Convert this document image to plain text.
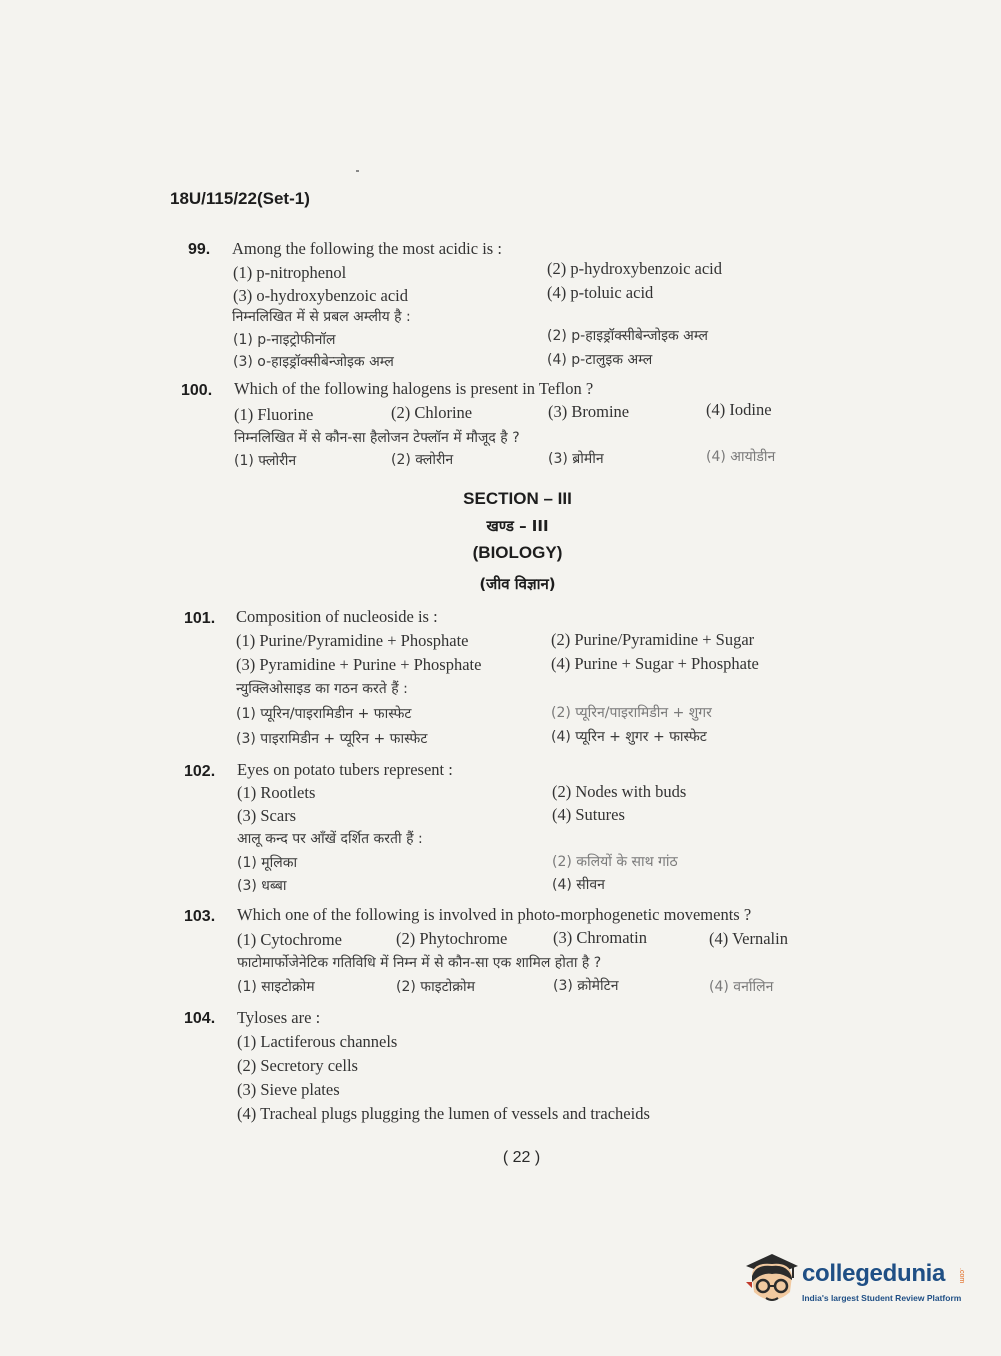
18U/115/22(Set-1)
99. Among the following the most acidic is :
(1) p-nitrophenol	(2) p-hydroxybenzoic acid
(3) o-hydroxybenzoic acid	(4) p-toluic acid
निम्नलिखित में से प्रबल अम्लीय है :
(1) p-नाइट्रोफीनॉल	(2) p-हाइड्रॉक्सीबेन्जोइक अम्ल
(3) o-हाइड्रॉक्सीबेन्जोइक अम्ल	(4) p-टालुइक अम्ल
100. Which of the following halogens is present in Teflon ?
(1) Fluorine	(2) Chlorine	(3) Bromine	(4) Iodine
निम्नलिखित में से कौन-सा हैलोजन टेफ्लॉन में मौजूद है ?
(1) फ्लोरीन	(2) क्लोरीन	(3) ब्रोमीन	(4) आयोडीन
SECTION – III
खण्ड – III
(BIOLOGY)
(जीव विज्ञान)
101. Composition of nucleoside is :
(1) Purine/Pyramidine + Phosphate	(2) Purine/Pyramidine + Sugar
(3) Pyramidine + Purine + Phosphate	(4) Purine + Sugar + Phosphate
न्युक्लिओसाइड का गठन करते हैं :
(1) प्यूरिन/पाइरामिडीन + फास्फेट	(2) प्यूरिन/पाइरामिडीन + शुगर
(3) पाइरामिडीन + प्यूरिन + फास्फेट	(4) प्यूरिन + शुगर + फास्फेट
102. Eyes on potato tubers represent :
(1) Rootlets	(2) Nodes with buds
(3) Scars	(4) Sutures
आलू कन्द पर आँखें दर्शित करती हैं :
(1) मूलिका	(2) कलियों के साथ गांठ
(3) धब्बा	(4) सीवन
103. Which one of the following is involved in photo-morphogenetic movements ?
(1) Cytochrome	(2) Phytochrome	(3) Chromatin	(4) Vernalin
फाटोमार्फोजेनेटिक गतिविधि में निम्न में से कौन-सा एक शामिल होता है ?
(1) साइटोक्रोम	(2) फाइटोक्रोम	(3) क्रोमेटिन	(4) वर्नालिन
104. Tyloses are :
(1) Lactiferous channels
(2) Secretory cells
(3) Sieve plates
(4) Tracheal plugs plugging the lumen of vessels and tracheids
( 22 )
collegedunia .com
India's largest Student Review Platform
